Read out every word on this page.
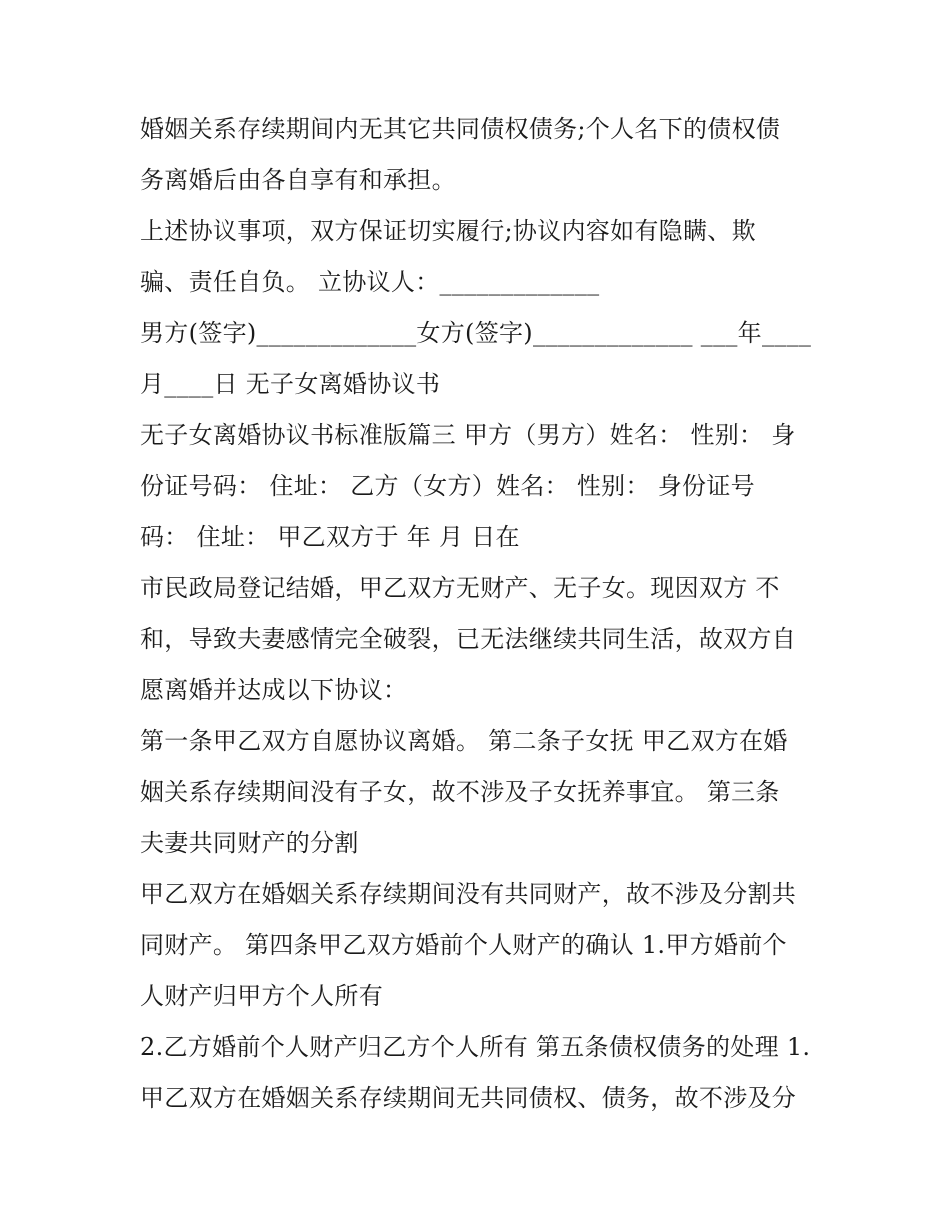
婚姻关系存续期间内无其它共同债权债务;个人名下的债权债
务离婚后由各自享有和承担。
上述协议事项，双方保证切实履行;协议内容如有隐瞒、欺
骗、责任自负。 立协议人：_____________
男方(签字)_____________女方(签字)_____________ ___年____
月____日 无子女离婚协议书
无子女离婚协议书标准版篇三 甲方（男方）姓名： 性别： 身
份证号码： 住址： 乙方（女方）姓名： 性别： 身份证号
码： 住址： 甲乙双方于 年 月 日在
市民政局登记结婚，甲乙双方无财产、无子女。现因双方 不
和，导致夫妻感情完全破裂，已无法继续共同生活，故双方自
愿离婚并达成以下协议：
第一条甲乙双方自愿协议离婚。 第二条子女抚 甲乙双方在婚
姻关系存续期间没有子女，故不涉及子女抚养事宜。 第三条
夫妻共同财产的分割
甲乙双方在婚姻关系存续期间没有共同财产，故不涉及分割共
同财产。 第四条甲乙双方婚前个人财产的确认 1.甲方婚前个
人财产归甲方个人所有
2.乙方婚前个人财产归乙方个人所有 第五条债权债务的处理 1.
甲乙双方在婚姻关系存续期间无共同债权、债务，故不涉及分
